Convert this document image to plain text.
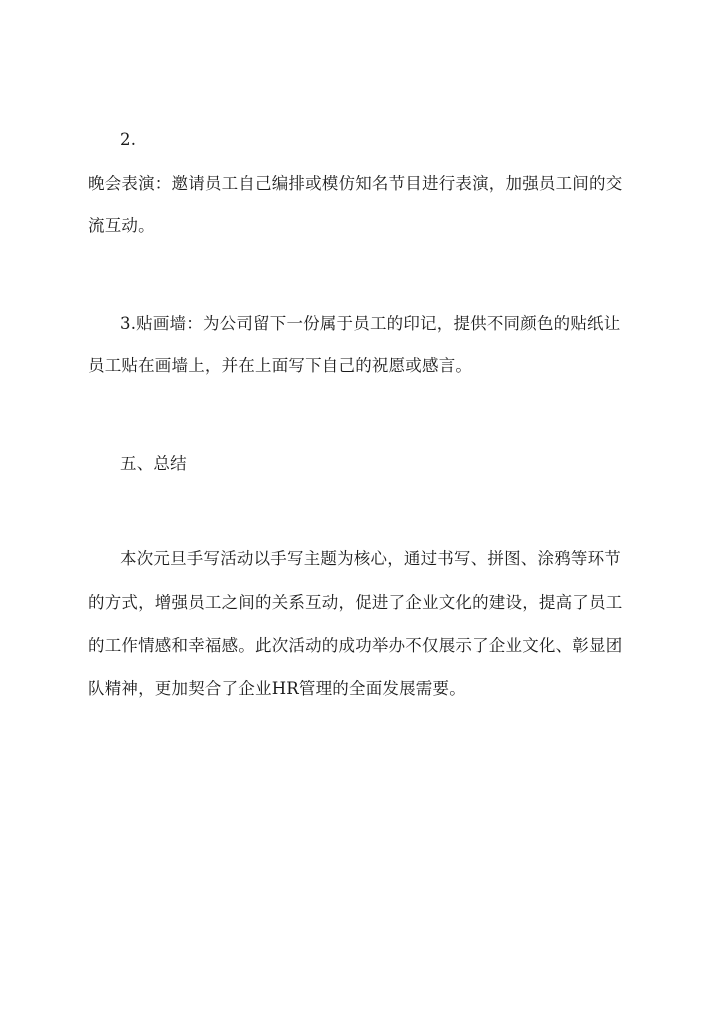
2.

晚会表演：邀请员工自己编排或模仿知名节目进行表演，加强员工间的交

流互动。

3.贴画墙：为公司留下一份属于员工的印记，提供不同颜色的贴纸让

员工贴在画墙上，并在上面写下自己的祝愿或感言。

五、总结

本次元旦手写活动以手写主题为核心，通过书写、拼图、涂鸦等环节

的方式，增强员工之间的关系互动，促进了企业文化的建设，提高了员工

的工作情感和幸福感。此次活动的成功举办不仅展示了企业文化、彰显团

队精神，更加契合了企业HR管理的全面发展需要。
